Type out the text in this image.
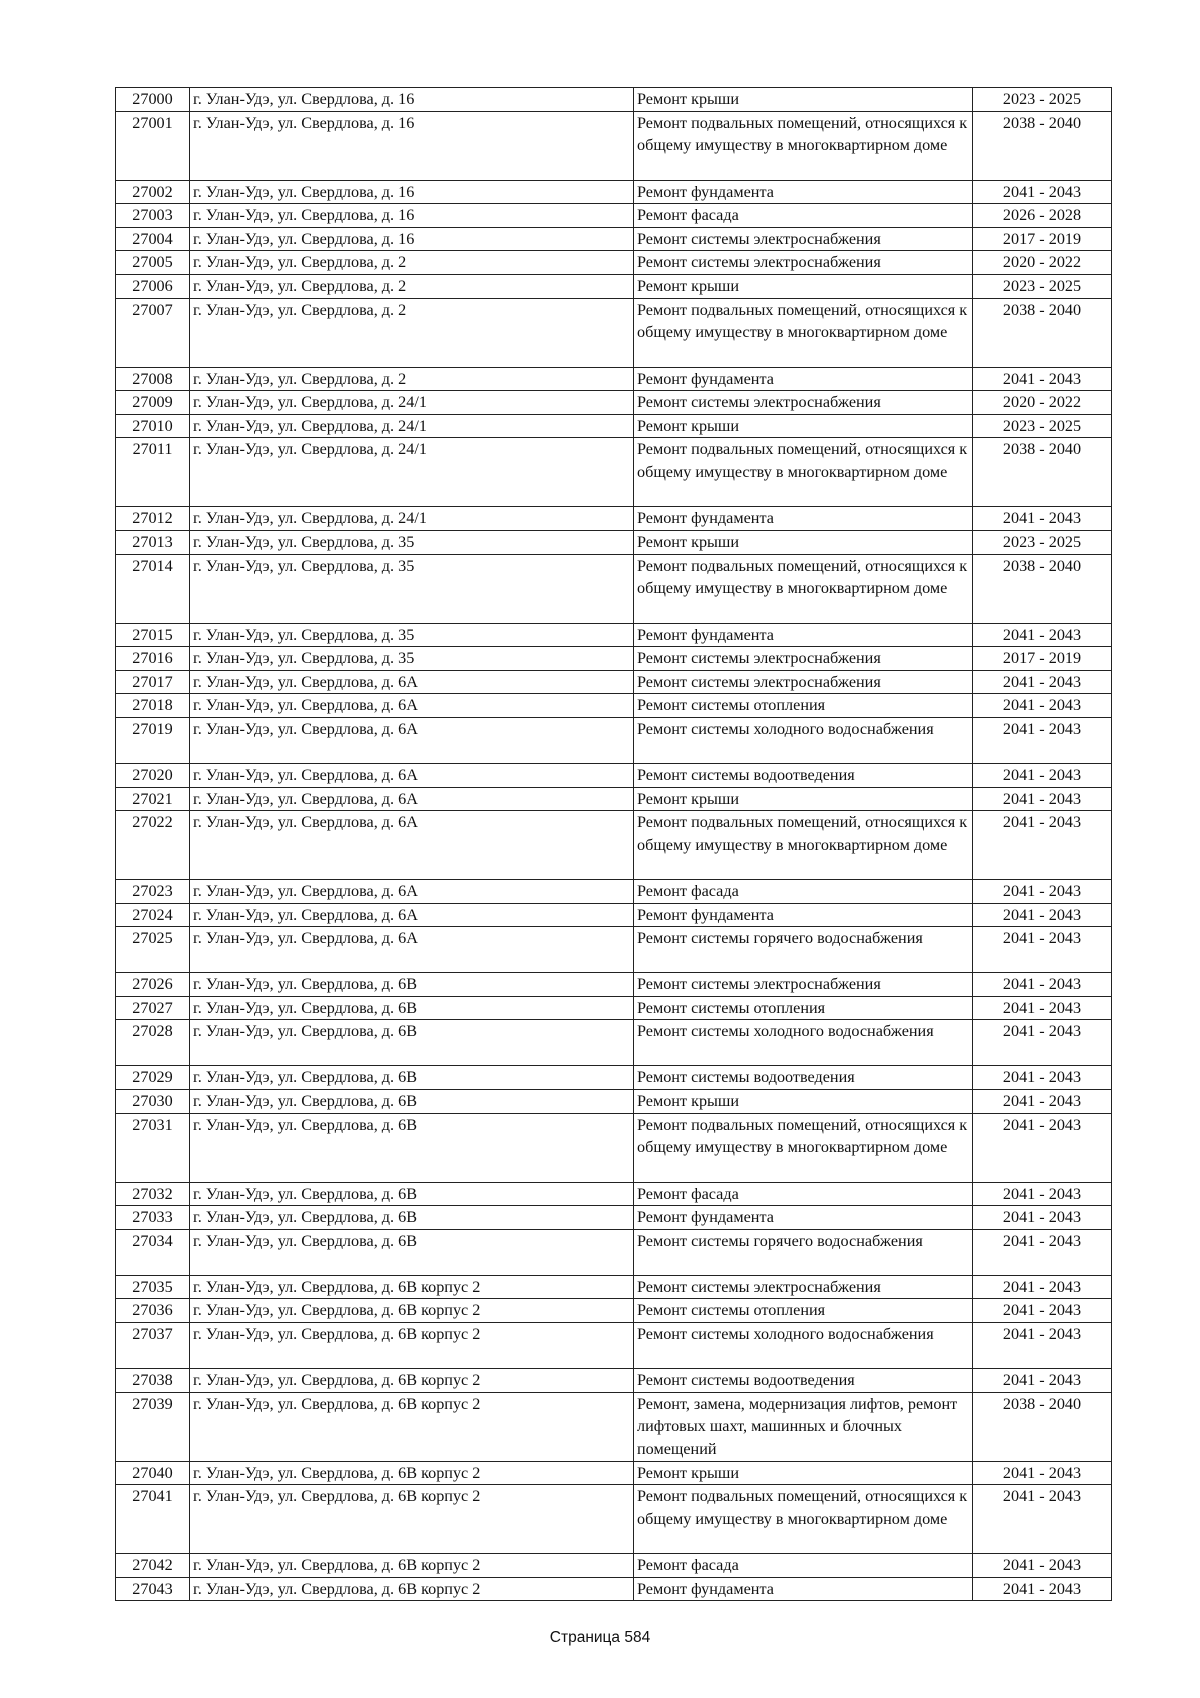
27000	г. Улан-Удэ, ул. Свердлова, д. 16	Ремонт крыши	2023 - 2025
27001	г. Улан-Удэ, ул. Свердлова, д. 16	Ремонт подвальных помещений, относящихся к общему имуществу в многоквартирном доме	2038 - 2040
27002	г. Улан-Удэ, ул. Свердлова, д. 16	Ремонт фундамента	2041 - 2043
27003	г. Улан-Удэ, ул. Свердлова, д. 16	Ремонт фасада	2026 - 2028
27004	г. Улан-Удэ, ул. Свердлова, д. 16	Ремонт системы электроснабжения	2017 - 2019
27005	г. Улан-Удэ, ул. Свердлова, д. 2	Ремонт системы электроснабжения	2020 - 2022
27006	г. Улан-Удэ, ул. Свердлова, д. 2	Ремонт крыши	2023 - 2025
27007	г. Улан-Удэ, ул. Свердлова, д. 2	Ремонт подвальных помещений, относящихся к общему имуществу в многоквартирном доме	2038 - 2040
27008	г. Улан-Удэ, ул. Свердлова, д. 2	Ремонт фундамента	2041 - 2043
27009	г. Улан-Удэ, ул. Свердлова, д. 24/1	Ремонт системы электроснабжения	2020 - 2022
27010	г. Улан-Удэ, ул. Свердлова, д. 24/1	Ремонт крыши	2023 - 2025
27011	г. Улан-Удэ, ул. Свердлова, д. 24/1	Ремонт подвальных помещений, относящихся к общему имуществу в многоквартирном доме	2038 - 2040
27012	г. Улан-Удэ, ул. Свердлова, д. 24/1	Ремонт фундамента	2041 - 2043
27013	г. Улан-Удэ, ул. Свердлова, д. 35	Ремонт крыши	2023 - 2025
27014	г. Улан-Удэ, ул. Свердлова, д. 35	Ремонт подвальных помещений, относящихся к общему имуществу в многоквартирном доме	2038 - 2040
27015	г. Улан-Удэ, ул. Свердлова, д. 35	Ремонт фундамента	2041 - 2043
27016	г. Улан-Удэ, ул. Свердлова, д. 35	Ремонт системы электроснабжения	2017 - 2019
27017	г. Улан-Удэ, ул. Свердлова, д. 6А	Ремонт системы электроснабжения	2041 - 2043
27018	г. Улан-Удэ, ул. Свердлова, д. 6А	Ремонт системы отопления	2041 - 2043
27019	г. Улан-Удэ, ул. Свердлова, д. 6А	Ремонт системы холодного водоснабжения	2041 - 2043
27020	г. Улан-Удэ, ул. Свердлова, д. 6А	Ремонт системы водоотведения	2041 - 2043
27021	г. Улан-Удэ, ул. Свердлова, д. 6А	Ремонт крыши	2041 - 2043
27022	г. Улан-Удэ, ул. Свердлова, д. 6А	Ремонт подвальных помещений, относящихся к общему имуществу в многоквартирном доме	2041 - 2043
27023	г. Улан-Удэ, ул. Свердлова, д. 6А	Ремонт фасада	2041 - 2043
27024	г. Улан-Удэ, ул. Свердлова, д. 6А	Ремонт фундамента	2041 - 2043
27025	г. Улан-Удэ, ул. Свердлова, д. 6А	Ремонт системы горячего водоснабжения	2041 - 2043
27026	г. Улан-Удэ, ул. Свердлова, д. 6В	Ремонт системы электроснабжения	2041 - 2043
27027	г. Улан-Удэ, ул. Свердлова, д. 6В	Ремонт системы отопления	2041 - 2043
27028	г. Улан-Удэ, ул. Свердлова, д. 6В	Ремонт системы холодного водоснабжения	2041 - 2043
27029	г. Улан-Удэ, ул. Свердлова, д. 6В	Ремонт системы водоотведения	2041 - 2043
27030	г. Улан-Удэ, ул. Свердлова, д. 6В	Ремонт крыши	2041 - 2043
27031	г. Улан-Удэ, ул. Свердлова, д. 6В	Ремонт подвальных помещений, относящихся к общему имуществу в многоквартирном доме	2041 - 2043
27032	г. Улан-Удэ, ул. Свердлова, д. 6В	Ремонт фасада	2041 - 2043
27033	г. Улан-Удэ, ул. Свердлова, д. 6В	Ремонт фундамента	2041 - 2043
27034	г. Улан-Удэ, ул. Свердлова, д. 6В	Ремонт системы горячего водоснабжения	2041 - 2043
27035	г. Улан-Удэ, ул. Свердлова, д. 6В корпус 2	Ремонт системы электроснабжения	2041 - 2043
27036	г. Улан-Удэ, ул. Свердлова, д. 6В корпус 2	Ремонт системы отопления	2041 - 2043
27037	г. Улан-Удэ, ул. Свердлова, д. 6В корпус 2	Ремонт системы холодного водоснабжения	2041 - 2043
27038	г. Улан-Удэ, ул. Свердлова, д. 6В корпус 2	Ремонт системы водоотведения	2041 - 2043
27039	г. Улан-Удэ, ул. Свердлова, д. 6В корпус 2	Ремонт, замена, модернизация лифтов, ремонт лифтовых шахт, машинных и блочных помещений	2038 - 2040
27040	г. Улан-Удэ, ул. Свердлова, д. 6В корпус 2	Ремонт крыши	2041 - 2043
27041	г. Улан-Удэ, ул. Свердлова, д. 6В корпус 2	Ремонт подвальных помещений, относящихся к общему имуществу в многоквартирном доме	2041 - 2043
27042	г. Улан-Удэ, ул. Свердлова, д. 6В корпус 2	Ремонт фасада	2041 - 2043
27043	г. Улан-Удэ, ул. Свердлова, д. 6В корпус 2	Ремонт фундамента	2041 - 2043
Страница 584
